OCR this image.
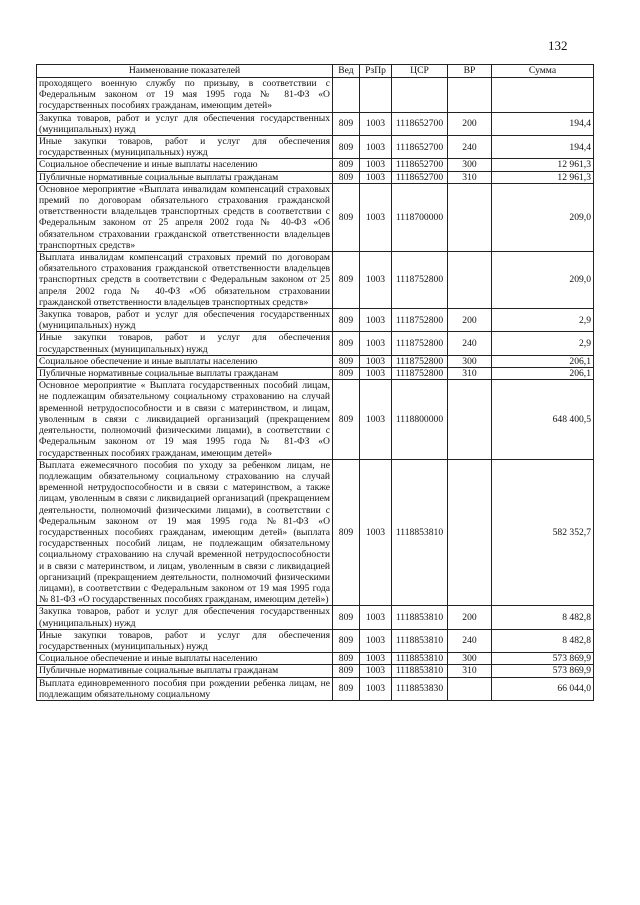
132
Наименование показателей	Вед	РзПр	ЦСР	ВР	Сумма
проходящего военную службу по призыву, в соответствии с Федеральным законом от 19 мая 1995 года № 81-ФЗ «О государственных пособиях гражданам, имеющим детей»					
Закупка товаров, работ и услуг для обеспечения государственных (муниципальных) нужд	809	1003	1118652700	200	194,4
Иные закупки товаров, работ и услуг для обеспечения государственных (муниципальных) нужд	809	1003	1118652700	240	194,4
Социальное обеспечение и иные выплаты населению	809	1003	1118652700	300	12 961,3
Публичные нормативные социальные выплаты гражданам	809	1003	1118652700	310	12 961,3
Основное мероприятие «Выплата инвалидам компенсаций страховых премий по договорам обязательного страхования гражданской ответственности владельцев транспортных средств в соответствии с Федеральным законом от 25 апреля 2002 года № 40-ФЗ «Об обязательном страховании гражданской ответственности владельцев транспортных средств»	809	1003	1118700000		209,0
Выплата инвалидам компенсаций страховых премий по договорам обязательного страхования гражданской ответственности владельцев транспортных средств в соответствии с Федеральным законом от 25 апреля 2002 года № 40-ФЗ «Об обязательном страховании гражданской ответственности владельцев транспортных средств»	809	1003	1118752800		209,0
Закупка товаров, работ и услуг для обеспечения государственных (муниципальных) нужд	809	1003	1118752800	200	2,9
Иные закупки товаров, работ и услуг для обеспечения государственных (муниципальных) нужд	809	1003	1118752800	240	2,9
Социальное обеспечение и иные выплаты населению	809	1003	1118752800	300	206,1
Публичные нормативные социальные выплаты гражданам	809	1003	1118752800	310	206,1
Основное мероприятие « Выплата государственных пособий лицам, не подлежащим обязательному социальному страхованию на случай временной нетрудоспособности и в связи с материнством, и лицам, уволенным в связи с ликвидацией организаций (прекращением деятельности, полномочий физическими лицами), в соответствии с Федеральным законом от 19 мая 1995 года № 81-ФЗ «О государственных пособиях гражданам, имеющим детей»	809	1003	1118800000		648 400,5
Выплата ежемесячного пособия по уходу за ребенком лицам, не подлежащим обязательному социальному страхованию на случай временной нетрудоспособности и в связи с материнством, а также лицам, уволенным в связи с ликвидацией организаций (прекращением деятельности, полномочий физическими лицами), в соответствии с Федеральным законом от 19 мая 1995 года №81-ФЗ «О государственных пособиях гражданам, имеющим детей» (выплата государственных пособий лицам, не подлежащим обязательному социальному страхованию на случай временной нетрудоспособности и в связи с материнством, и лицам, уволенным в связи с ликвидацией организаций (прекращением деятельности, полномочий физическими лицами), в соответствии с Федеральным законом от 19 мая 1995 года № 81-ФЗ «О государственных пособиях гражданам, имеющим детей»)	809	1003	1118853810		582 352,7
Закупка товаров, работ и услуг для обеспечения государственных (муниципальных) нужд	809	1003	1118853810	200	8 482,8
Иные закупки товаров, работ и услуг для обеспечения государственных (муниципальных) нужд	809	1003	1118853810	240	8 482,8
Социальное обеспечение и иные выплаты населению	809	1003	1118853810	300	573 869,9
Публичные нормативные социальные выплаты гражданам	809	1003	1118853810	310	573 869,9
Выплата единовременного пособия при рождении ребенка лицам, не подлежащим обязательному социальному	809	1003	1118853830		66 044,0
